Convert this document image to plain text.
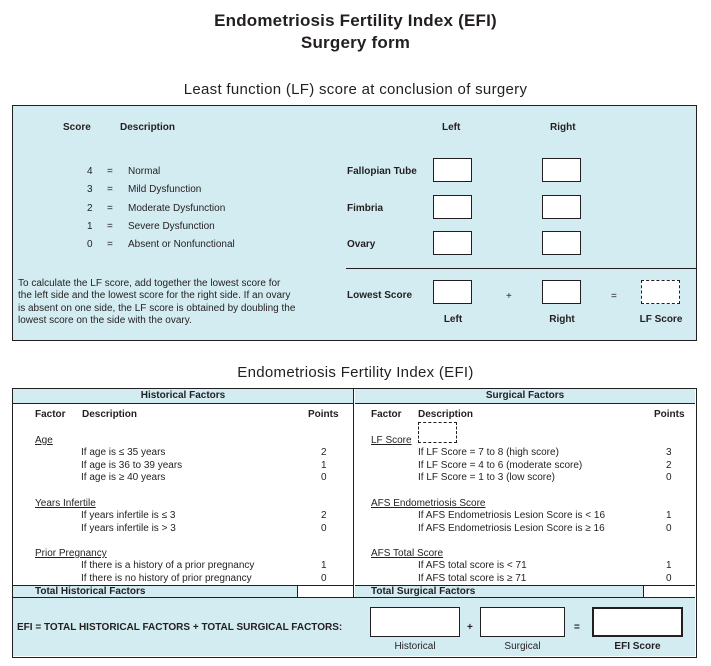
Endometriosis Fertility Index (EFI)
Surgery form
Least function (LF) score at conclusion of surgery
Score	Description	Left	Right
4 = Normal
3 = Mild Dysfunction
2 = Moderate Dysfunction
1 = Severe Dysfunction
0 = Absent or Nonfunctional
Fallopian Tube
Fimbria
Ovary
To calculate the LF score, add together the lowest score for
the left side and the lowest score for the right side. If an ovary
is absent on one side, the LF score is obtained by doubling the
lowest score on the side with the ovary.
Lowest Score	+	=
Left	Right	LF Score
Endometriosis Fertility Index (EFI)
Historical Factors	Surgical Factors
Factor Description	Points
Age
If age is ≤ 35 years	2
If age is 36 to 39 years	1
If age is ≥ 40 years	0
Years Infertile
If years infertile is ≤ 3	2
If years infertile is > 3	0
Prior Pregnancy
If there is a history of a prior pregnancy	1
If there is no history of prior pregnancy	0
Factor Description	Points
LF Score
If LF Score = 7 to 8 (high score)	3
If LF Score = 4 to 6 (moderate score)	2
If LF Score = 1 to 3 (low score)	0
AFS Endometriosis Score
If AFS Endometriosis Lesion Score is < 16	1
If AFS Endometriosis Lesion Score is ≥ 16	0
AFS Total Score
If AFS total score is < 71	1
If AFS total score is ≥ 71	0
Total Historical Factors	Total Surgical Factors
EFI = TOTAL HISTORICAL FACTORS + TOTAL SURGICAL FACTORS:	+	=
Historical	Surgical	EFI Score
